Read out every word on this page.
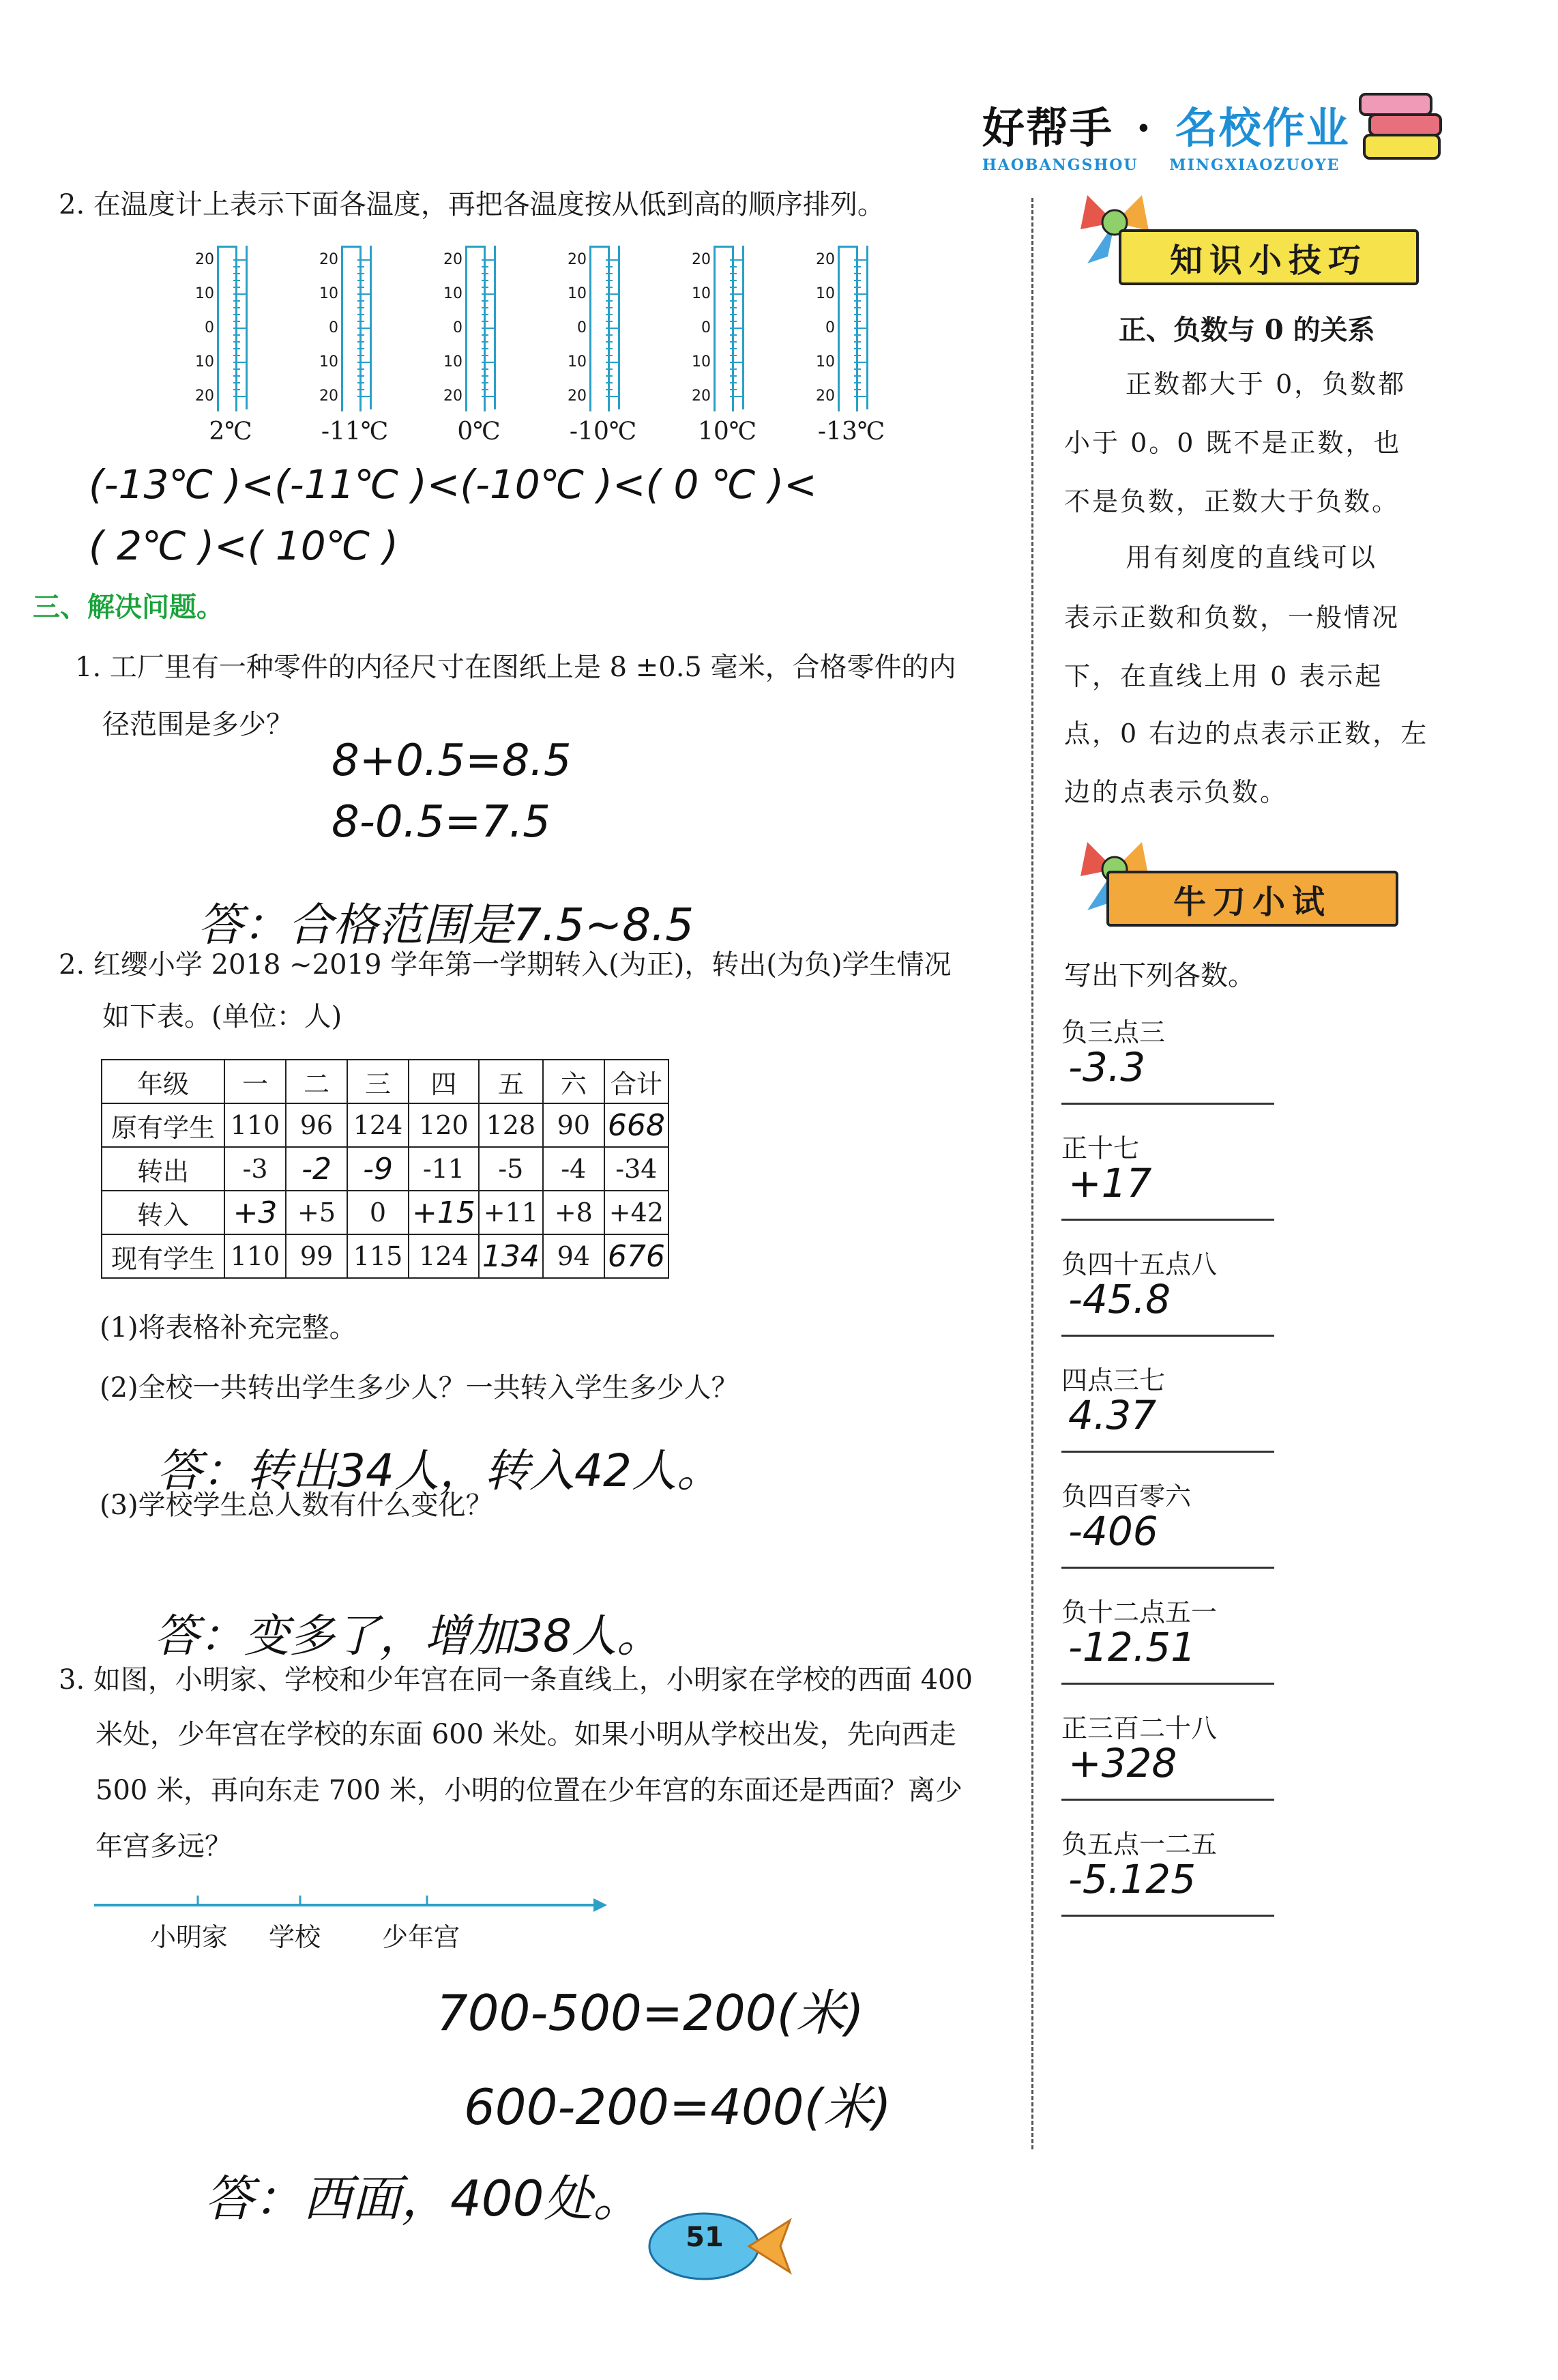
好帮手 · 名校作业
HAOBANGSHOU MINGXIAOZUOYE
2. 在温度计上表示下面各温度，再把各温度按从低到高的顺序排列。
20
10
0
10
20
2℃
20
10
0
10
20
-11℃
20
10
0
10
20
0℃
20
10
0
10
20
-10℃
20
10
0
10
20
10℃
20
10
0
10
20
-13℃
(-13℃ )<(-11℃ )<(-10℃ )<( 0 ℃ )<
( 2℃ )<( 10℃ )
三、解决问题。
1. 工厂里有一种零件的内径尺寸在图纸上是 8 ±0.5 毫米，合格零件的内
径范围是多少？
8+0.5=8.5
8-0.5=7.5
答：合格范围是7.5~8.5
2. 红缨小学 2018 ~2019 学年第一学期转入(为正)，转出(为负)学生情况
如下表。(单位：人)
年级	一	二	三	四	五	六	合计
原有学生	110	96	124	120	128	90	668
转出	-3	-2	-9	-11	-5	-4	-34
转入	+3	+5	0	+15	+11	+8	+42
现有学生	110	99	115	124	134	94	676
(1)将表格补充完整。
(2)全校一共转出学生多少人？一共转入学生多少人？
答：转出34人，转入42人。
(3)学校学生总人数有什么变化？
答：变多了，增加38人。
3. 如图，小明家、学校和少年宫在同一条直线上，小明家在学校的西面 400
米处，少年宫在学校的东面 600 米处。如果小明从学校出发，先向西走
500 米，再向东走 700 米，小明的位置在少年宫的东面还是西面？离少
年宫多远？
小明家 学校 少年宫
700-500=200(米)
600-200=400(米)
答：西面，400处。
51
知识小技巧
正、负数与 0 的关系
正数都大于 0，负数都
小于 0。0 既不是正数，也
不是负数，正数大于负数。
用有刻度的直线可以
表示正数和负数，一般情况
下，在直线上用 0 表示起
点，0 右边的点表示正数，左
边的点表示负数。
牛刀小试
写出下列各数。
负三点三
-3.3
正十七
+17
负四十五点八
-45.8
四点三七
4.37
负四百零六
-406
负十二点五一
-12.51
正三百二十八
+328
负五点一二五
-5.125
